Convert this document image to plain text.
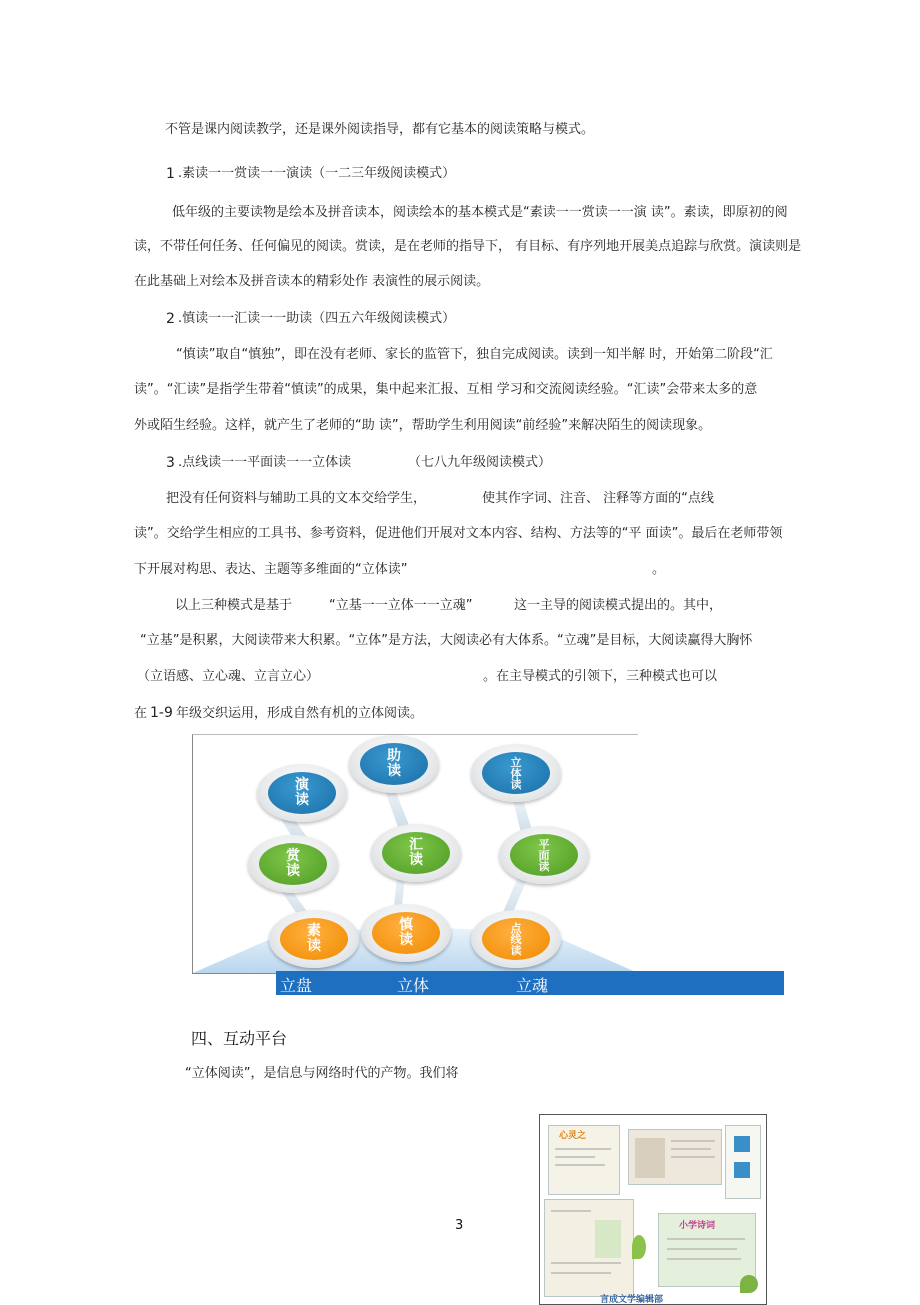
不管是课内阅读教学，还是课外阅读指导，都有它基本的阅读策略与模式。
1 .素读一一赏读一一演读（一二三年级阅读模式）
低年级的主要读物是绘本及拼音读本，阅读绘本的基本模式是“素读一一赏读一一演 读”。素读，即原初的阅
读，不带任何任务、任何偏见的阅读。赏读，是在老师的指导下， 有目标、有序列地开展美点追踪与欣赏。演读则是
在此基础上对绘本及拼音读本的精彩处作 表演性的展示阅读。
2 .慎读一一汇读一一助读（四五六年级阅读模式）
“慎读”取自“慎独”，即在没有老师、家长的监管下，独自完成阅读。读到一知半解 时，开始第二阶段“汇
读”。“汇读”是指学生带着“慎读”的成果，集中起来汇报、互相 学习和交流阅读经验。“汇读”会带来太多的意
外或陌生经验。这样，就产生了老师的“助 读”，帮助学生利用阅读“前经验”来解决陌生的阅读现象。
3 .点线读一一平面读一一立体读	（七八九年级阅读模式）
把没有任何资料与辅助工具的文本交给学生，	使其作字词、注音、 注释等方面的“点线
读”。交给学生相应的工具书、参考资料，促进他们开展对文本内容、结构、方法等的“平 面读”。最后在老师带领
下开展对构思、表达、主题等多维面的“立体读”	。
以上三种模式是基于	“立基一一立体一一立魂”	这一主导的阅读模式提出的。其中，
“立基”是积累，大阅读带来大积累。“立体”是方法，大阅读必有大体系。“立魂”是目标，大阅读赢得大胸怀
（立语感、立心魂、立言立心）	。在主导模式的引领下，三种模式也可以
在 1-9 年级交织运用，形成自然有机的立体阅读。
演
读
助
读
立
体
读
赏
读
汇
读
平
面
读
素
读
慎
读
点
线
读
立盘	立体	立魂
四、互动平台
“立体阅读”，是信息与网络时代的产物。我们将
心灵之
小学诗词
言成文学编辑部
3
